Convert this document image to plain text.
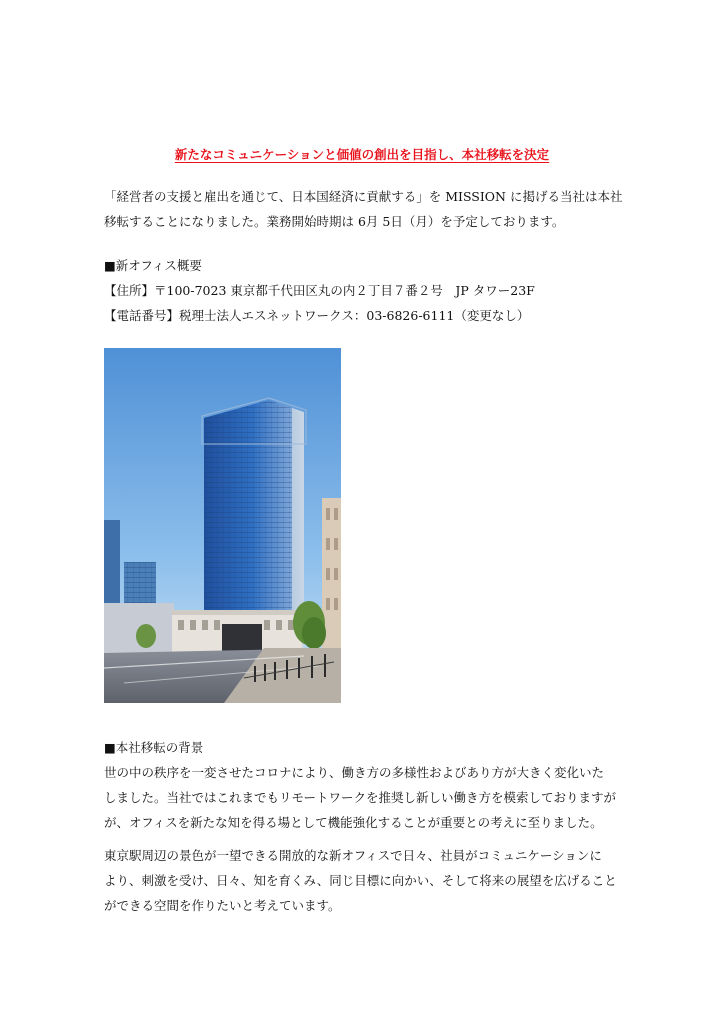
新たなコミュニケーションと価値の創出を目指し、本社移転を決定
「経営者の支援と雇出を通じて、日本国経済に貢献する」を MISSION に掲げる当社は本社
移転することになりました。業務開始時期は 6月 5日（月）を予定しております。
■新オフィス概要
【住所】〒100-7023 東京都千代田区丸の内２丁目７番２号　JP タワー23F
【電話番号】税理士法人エスネットワークス：03-6826-6111（変更なし）
■本社移転の背景
世の中の秩序を一変させたコロナにより、働き方の多様性およびあり方が大きく変化いた
しました。当社ではこれまでもリモートワークを推奨し新しい働き方を模索しておりますが
が、オフィスを新たな知を得る場として機能強化することが重要との考えに至りました。
東京駅周辺の景色が一望できる開放的な新オフィスで日々、社員がコミュニケーションに
より、刺激を受け、日々、知を育くみ、同じ目標に向かい、そして将来の展望を広げること
ができる空間を作りたいと考えています。
